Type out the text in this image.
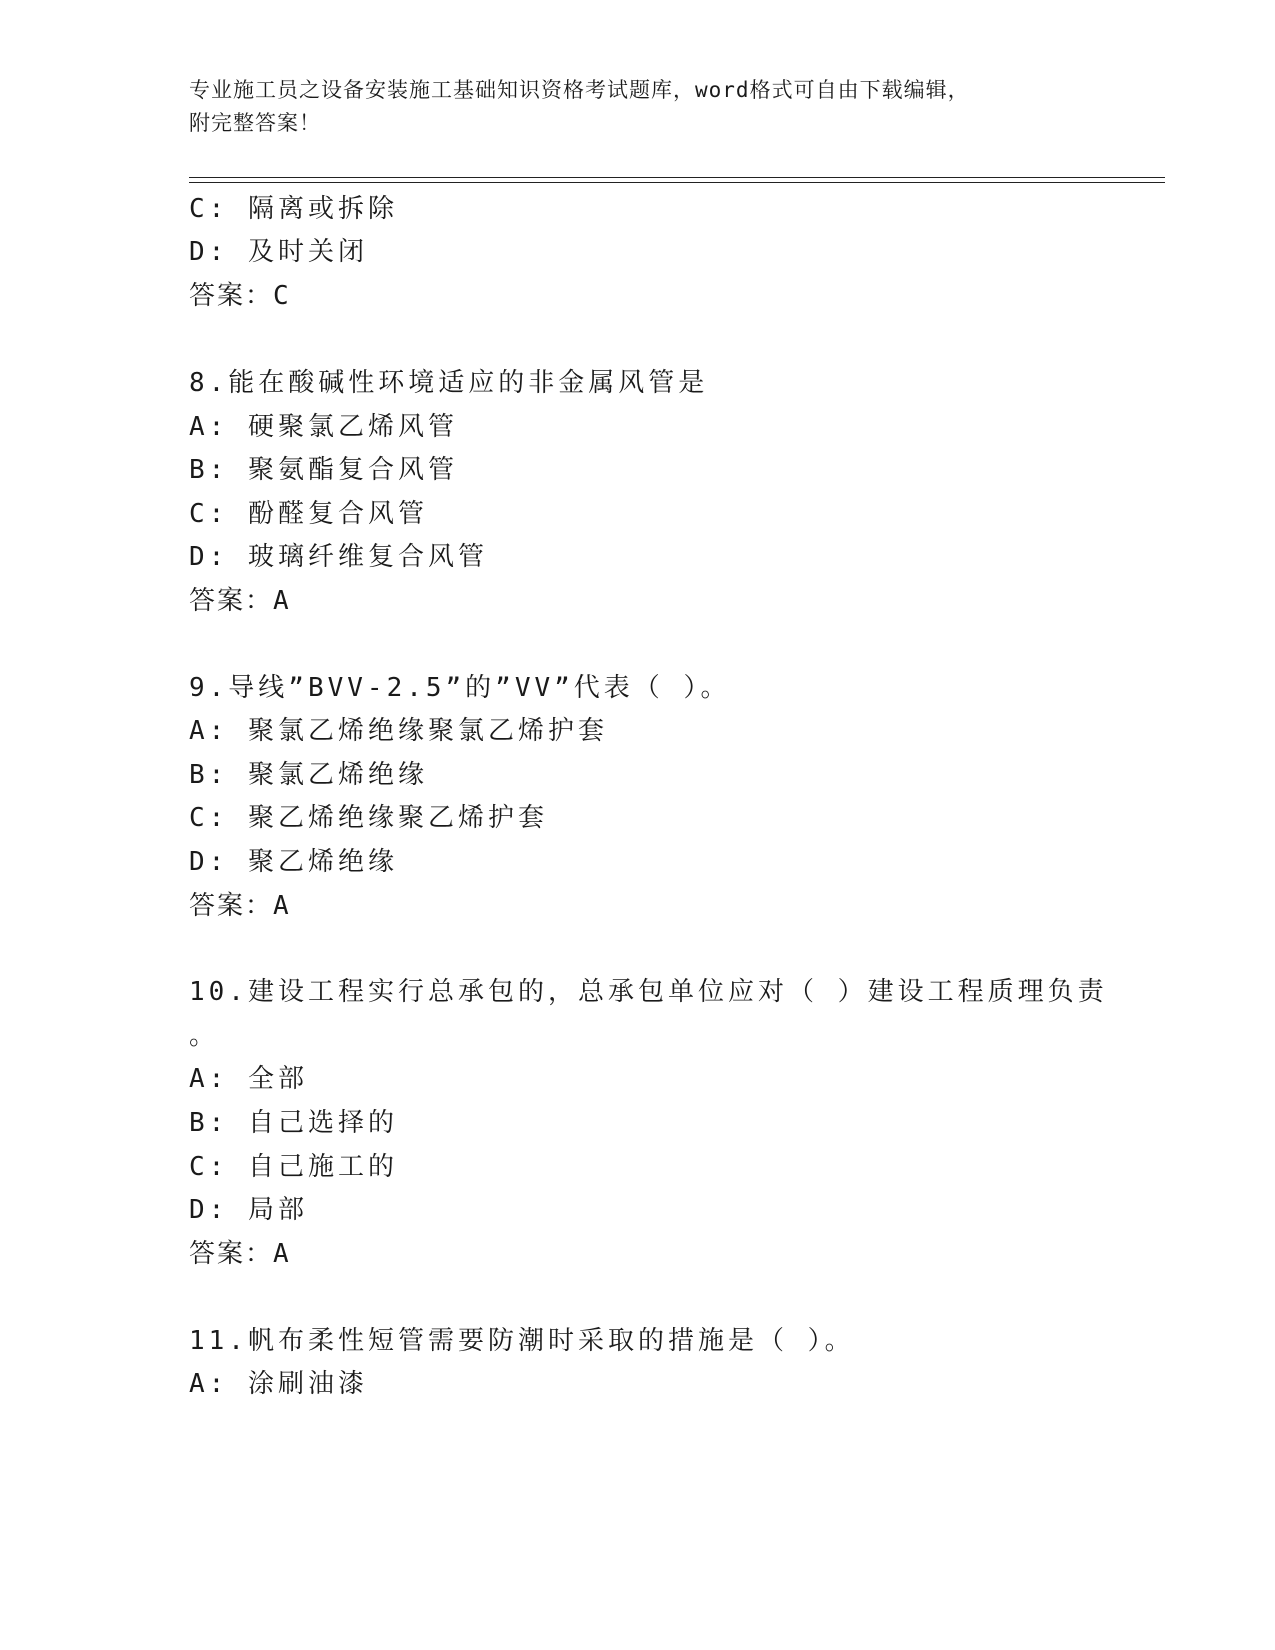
专业施工员之设备安装施工基础知识资格考试题库，word格式可自由下载编辑，
附完整答案！
C: 隔离或拆除
D: 及时关闭
答案：C
8.能在酸碱性环境适应的非金属风管是
A: 硬聚氯乙烯风管
B: 聚氨酯复合风管
C: 酚醛复合风管
D: 玻璃纤维复合风管
答案：A
9.导线”BVV-2.5”的”VV”代表（ ）。
A: 聚氯乙烯绝缘聚氯乙烯护套
B: 聚氯乙烯绝缘
C: 聚乙烯绝缘聚乙烯护套
D: 聚乙烯绝缘
答案：A
10.建设工程实行总承包的，总承包单位应对（ ）建设工程质理负责
。
A: 全部
B: 自己选择的
C: 自己施工的
D: 局部
答案：A
11.帆布柔性短管需要防潮时采取的措施是（ ）。
A: 涂刷油漆
